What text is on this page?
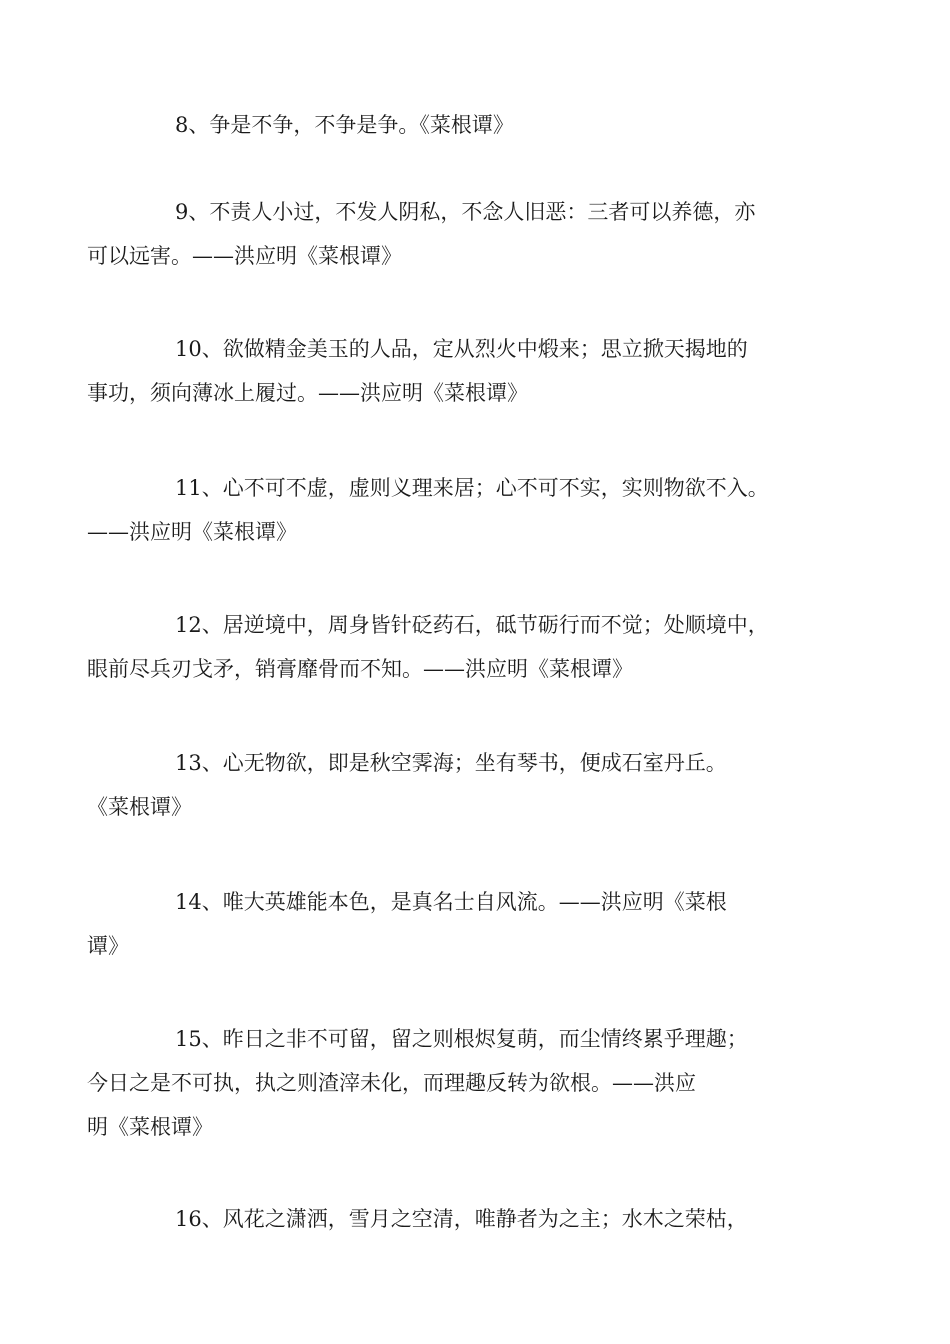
8、争是不争，不争是争。《菜根谭》

9、不责人小过，不发人阴私，不念人旧恶：三者可以养德，亦
可以远害。——洪应明《菜根谭》

10、欲做精金美玉的人品，定从烈火中煅来；思立掀天揭地的
事功，须向薄冰上履过。——洪应明《菜根谭》

11、心不可不虚，虚则义理来居；心不可不实，实则物欲不入。
——洪应明《菜根谭》

12、居逆境中，周身皆针砭药石，砥节砺行而不觉；处顺境中，
眼前尽兵刃戈矛，销膏靡骨而不知。——洪应明《菜根谭》

13、心无物欲，即是秋空霁海；坐有琴书，便成石室丹丘。
《菜根谭》

14、唯大英雄能本色，是真名士自风流。——洪应明《菜根
谭》

15、昨日之非不可留，留之则根烬复萌，而尘情终累乎理趣；
今日之是不可执，执之则渣滓未化，而理趣反转为欲根。——洪应
明《菜根谭》

16、风花之潇洒，雪月之空清，唯静者为之主；水木之荣枯，
